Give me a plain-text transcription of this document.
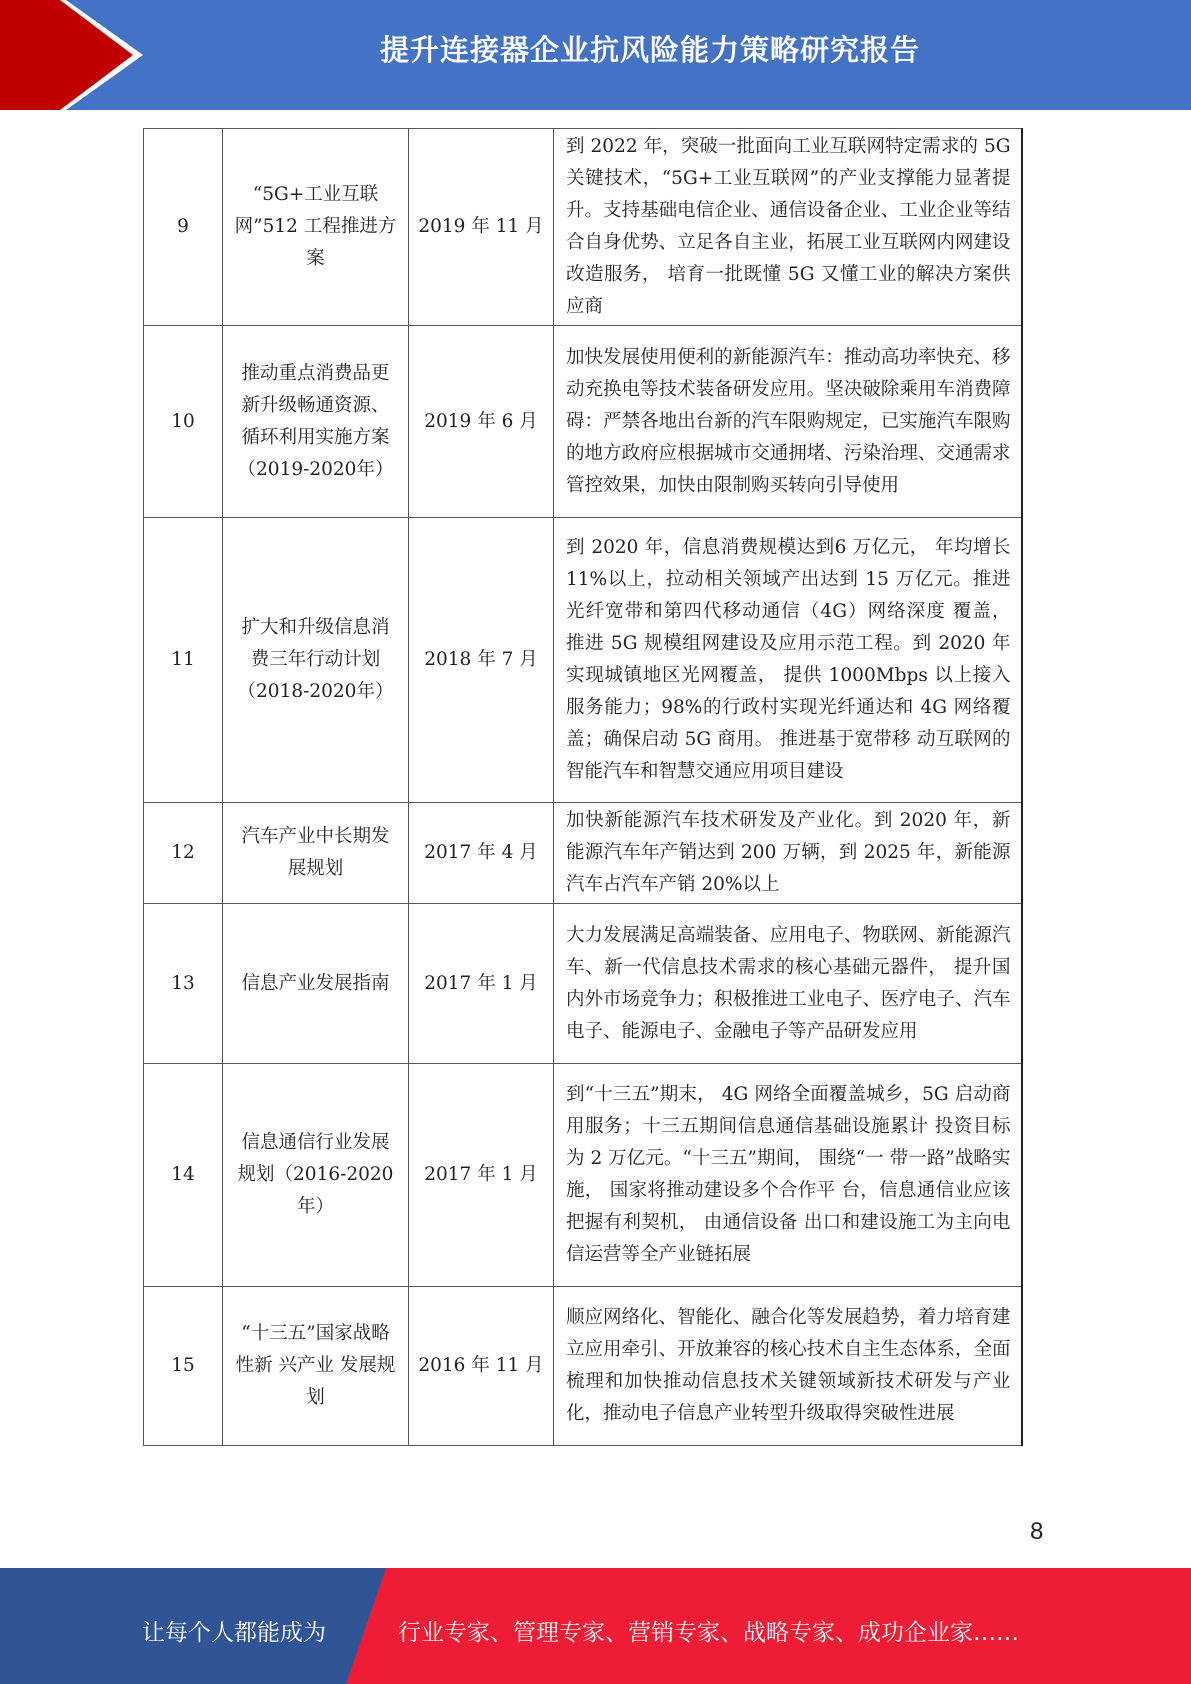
提升连接器企业抗风险能力策略研究报告
9	“5G+工业互联网”512 工程推进方案	2019 年 11 月	到 2022 年，突破一批面向工业互联网特定需求的 5G 关键技术，“5G+工业互联网”的产业支撑能力显著提升。支持基础电信企业、通信设备企业、工业企业等结合自身优势、立足各自主业，拓展工业互联网内网建设改造服务， 培育一批既懂 5G 又懂工业的解决方案供应商
10	推动重点消费品更新升级畅通资源、循环利用实施方案（2019-2020年）	2019 年 6 月	加快发展使用便利的新能源汽车：推动高功率快充、移动充换电等技术装备研发应用。坚决破除乘用车消费障碍：严禁各地出台新的汽车限购规定，已实施汽车限购的地方政府应根据城市交通拥堵、污染治理、交通需求管控效果，加快由限制购买转向引导使用
11	扩大和升级信息消费三年行动计划（2018-2020年）	2018 年 7 月	到 2020 年，信息消费规模达到6 万亿元， 年均增长 11%以上，拉动相关领域产出达到 15 万亿元。推进光纤宽带和第四代移动通信（4G）网络深度 覆盖， 推进 5G 规模组网建设及应用示范工程。到 2020 年实现城镇地区光网覆盖， 提供 1000Mbps 以上接入服务能力；98%的行政村实现光纤通达和 4G 网络覆盖；确保启动 5G 商用。 推进基于宽带移 动互联网的智能汽车和智慧交通应用项目建设
12	汽车产业中长期发展规划	2017 年 4 月	加快新能源汽车技术研发及产业化。到 2020 年，新能源汽车年产销达到 200 万辆，到 2025 年，新能源汽车占汽车产销 20%以上
13	信息产业发展指南	2017 年 1 月	大力发展满足高端装备、应用电子、物联网、新能源汽车、新一代信息技术需求的核心基础元器件， 提升国内外市场竞争力；积极推进工业电子、医疗电子、汽车电子、能源电子、金融电子等产品研发应用
14	信息通信行业发展规划（2016-2020 年）	2017 年 1 月	到“十三五”期末， 4G 网络全面覆盖城乡，5G 启动商用服务；十三五期间信息通信基础设施累计 投资目标为 2 万亿元。“十三五”期间， 围绕“一 带一路”战略实施， 国家将推动建设多个合作平 台，信息通信业应该把握有利契机， 由通信设备 出口和建设施工为主向电信运营等全产业链拓展
15	“十三五”国家战略性新 兴产业 发展规划	2016 年 11 月	顺应网络化、智能化、融合化等发展趋势，着力培育建立应用牵引、开放兼容的核心技术自主生态体系，全面梳理和加快推动信息技术关键领域新技术研发与产业化，推动电子信息产业转型升级取得突破性进展
8
让每个人都能成为	行业专家、管理专家、营销专家、战略专家、成功企业家……
